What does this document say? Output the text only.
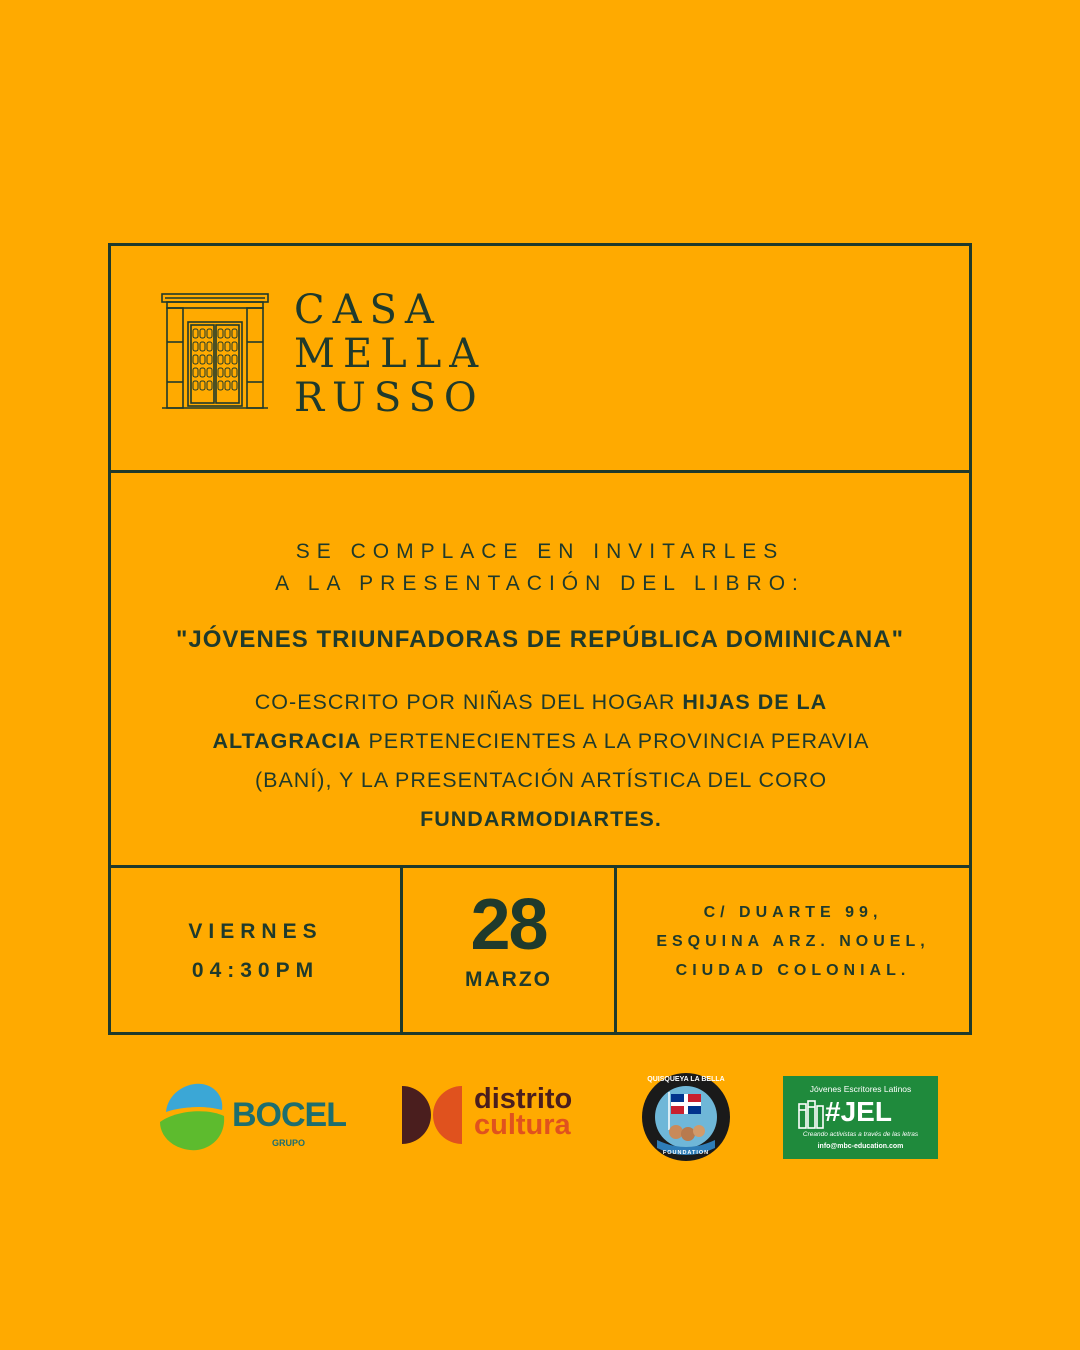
CASA
MELLA
RUSSO
SE COMPLACE EN INVITARLES
A LA PRESENTACIÓN DEL LIBRO:
"JÓVENES TRIUNFADORAS DE REPÚBLICA DOMINICANA"
CO-ESCRITO POR NIÑAS DEL HOGAR HIJAS DE LA ALTAGRACIA PERTENECIENTES A LA PROVINCIA PERAVIA (BANÍ), Y LA PRESENTACIÓN ARTÍSTICA DEL CORO FUNDARMODIARTES.
VIERNES
04:30PM
28
MARZO
C/ DUARTE 99,
ESQUINA ARZ. NOUEL,
CIUDAD COLONIAL.
BOCEL
GRUPO
distrito
cultura
QUISQUEYA LA BELLA
FOUNDATION
Jóvenes Escritores Latinos
#JEL
Creando activistas a través de las letras
info@mbc-education.com
